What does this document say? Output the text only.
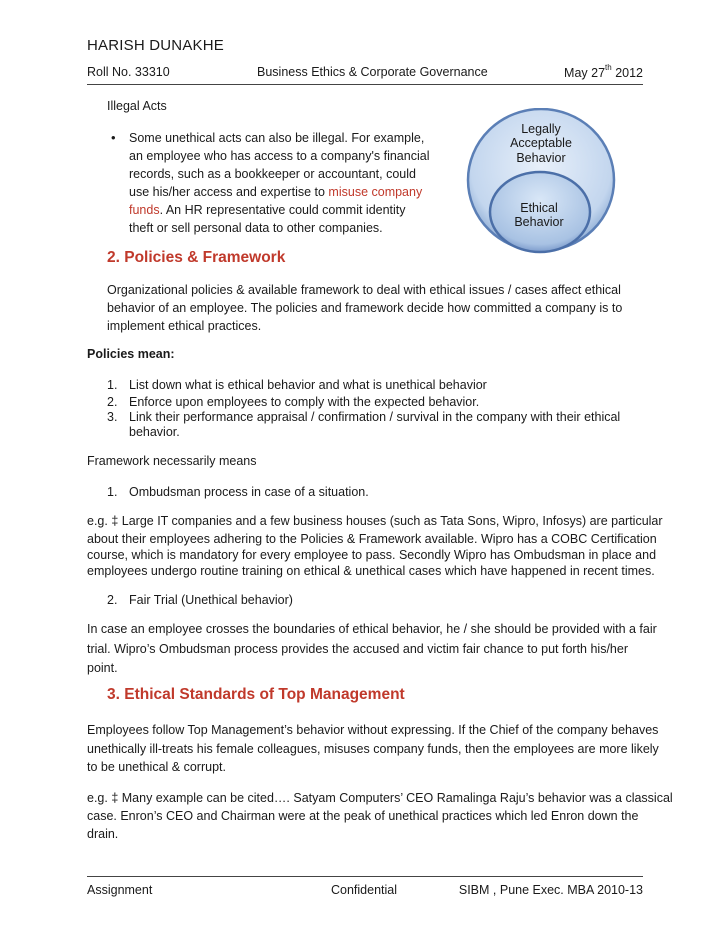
HARISH DUNAKHE
Roll No. 33310	Business Ethics & Corporate Governance	May 27th 2012
Illegal Acts
• Some unethical acts can also be illegal. For example,
an employee who has access to a company's financial
records, such as a bookkeeper or accountant, could
use his/her access and expertise to misuse company
funds. An HR representative could commit identity
theft or sell personal data to other companies.
Legally
Acceptable
Behavior
Ethical
Behavior
2. Policies & Framework
Organizational policies & available framework to deal with ethical issues / cases affect ethical
behavior of an employee. The policies and framework decide how committed a company is to
implement ethical practices.
Policies mean:
1. List down what is ethical behavior and what is unethical behavior
2. Enforce upon employees to comply with the expected behavior.
3. Link their performance appraisal / confirmation / survival in the company with their ethical
behavior.
Framework necessarily means
1. Ombudsman process in case of a situation.
e.g. ‡ Large IT companies and a few business houses (such as Tata Sons, Wipro, Infosys) are particular
about their employees adhering to the Policies & Framework available. Wipro has a COBC Certification
course, which is mandatory for every employee to pass. Secondly Wipro has Ombudsman in place and
employees undergo routine training on ethical & unethical cases which have happened in recent times.
2. Fair Trial (Unethical behavior)
In case an employee crosses the boundaries of ethical behavior, he / she should be provided with a fair
trial. Wipro’s Ombudsman process provides the accused and victim fair chance to put forth his/her
point.
3. Ethical Standards of Top Management
Employees follow Top Management’s behavior without expressing. If the Chief of the company behaves
unethically ill-treats his female colleagues, misuses company funds, then the employees are more likely
to be unethical & corrupt.
e.g. ‡ Many example can be cited…. Satyam Computers’ CEO Ramalinga Raju’s behavior was a classical
case. Enron’s CEO and Chairman were at the peak of unethical practices which led Enron down the
drain.
Assignment	Confidential	SIBM , Pune Exec. MBA 2010-13
